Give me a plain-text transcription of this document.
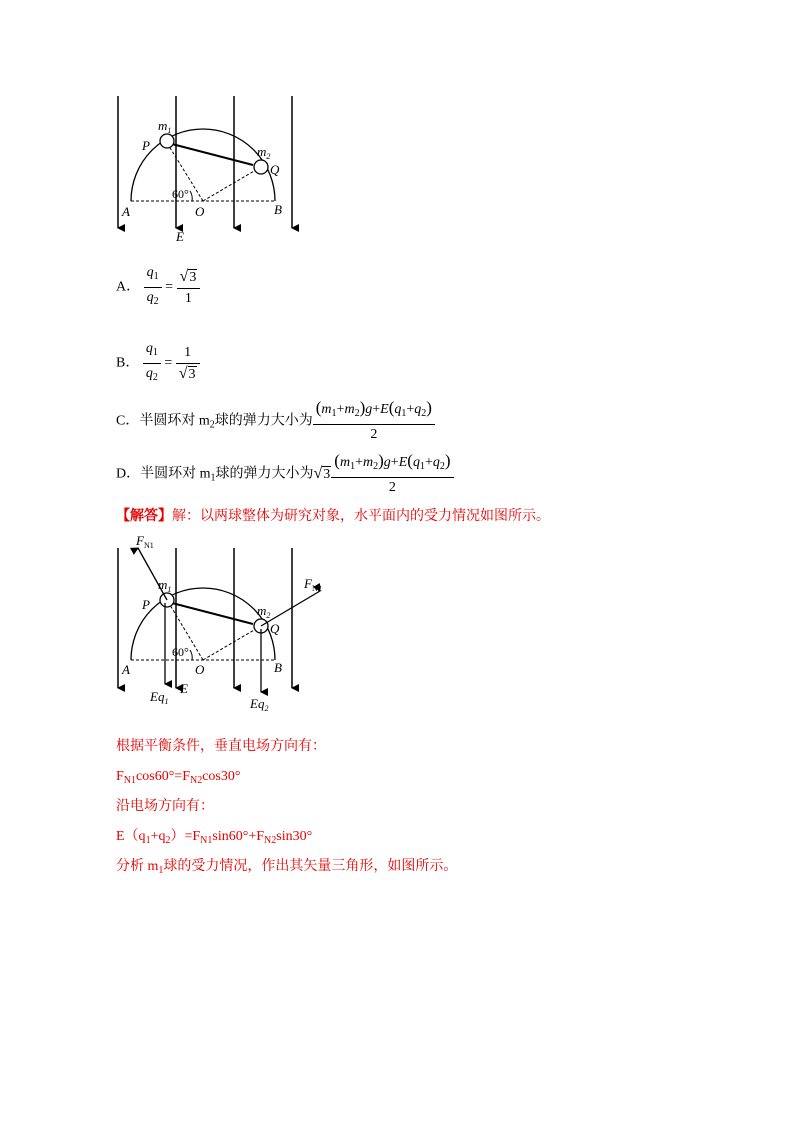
$m_1$
$m_2$
P
Q
60°
A	O	B
E
A． $\frac{q_1}{q_2} = \frac{√3}{1}$
B． $\frac{q_1}{q_2} = \frac{1}{√3}$
C．半圆环对 $m_2$球的弹力大小为 $\frac{(m_1+m_2)g+E(q_1+q_2)}{2}$
D．半圆环对 $m_1$球的弹力大小为$√3 \frac{(m_1+m_2)g+E(q_1+q_2)}{2}$
【解答】解：以两球整体为研究对象，水平面内的受力情况如图所示。
$F_{N1}$
$F_{N2}$
$m_1$
$m_2$
P
Q
60°
A	O	B
E
$Eq_1$	$Eq_2$
根据平衡条件，垂直电场方向有：
$F_{N1}\cos 60^\circ=F_{N2}\cos 30^\circ$
沿电场方向有：
$E(q_1+q_2)=F_{N1}\sin 60^\circ+F_{N2}\sin 30^\circ$
分析 $m_1$球的受力情况，作出其矢量三角形，如图所示。
